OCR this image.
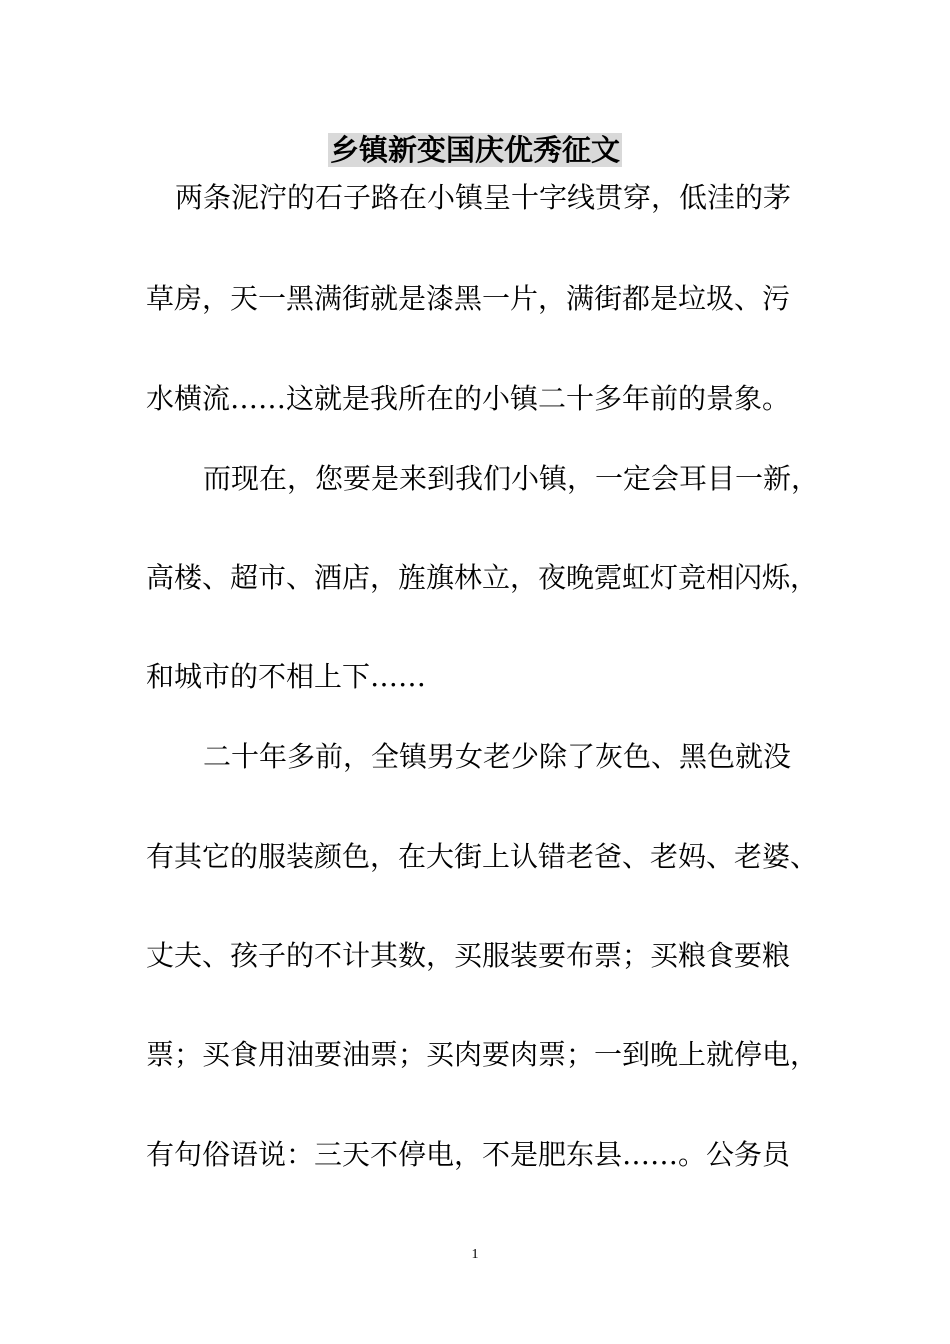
乡镇新变国庆优秀征文
两条泥泞的石子路在小镇呈十字线贯穿，低洼的茅
草房，天一黑满街就是漆黑一片，满街都是垃圾、污
水横流……这就是我所在的小镇二十多年前的景象。
而现在，您要是来到我们小镇，一定会耳目一新，
高楼、超市、酒店，旌旗林立，夜晚霓虹灯竞相闪烁，
和城市的不相上下……
二十年多前，全镇男女老少除了灰色、黑色就没
有其它的服装颜色，在大街上认错老爸、老妈、老婆、
丈夫、孩子的不计其数，买服装要布票；买粮食要粮
票；买食用油要油票；买肉要肉票；一到晚上就停电，
有句俗语说：三天不停电，不是肥东县……。公务员
1
